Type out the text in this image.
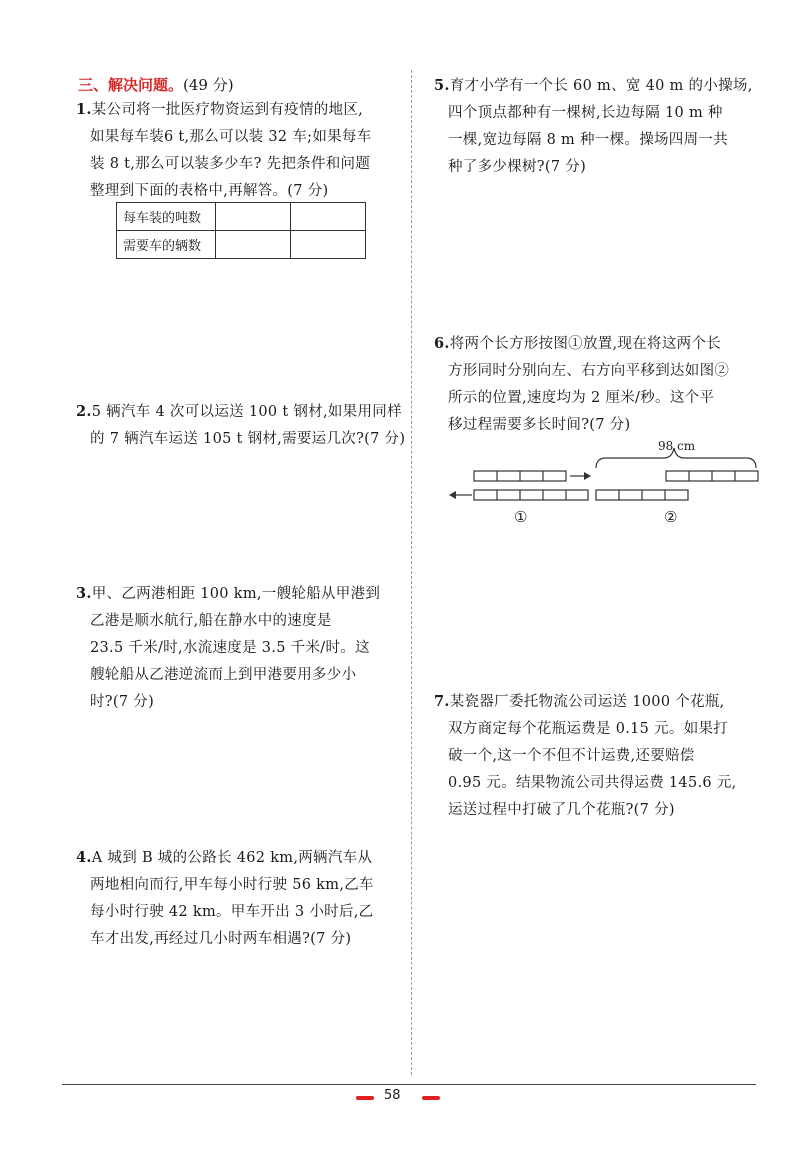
三、解决问题。(49 分)
1.某公司将一批医疗物资运到有疫情的地区,
如果每车装6 t,那么可以装 32 车;如果每车
装 8 t,那么可以装多少车? 先把条件和问题
整理到下面的表格中,再解答。(7 分)
每车装的吨数		
需要车的辆数		
2.5 辆汽车 4 次可以运送 100 t 钢材,如果用同样
的 7 辆汽车运送 105 t 钢材,需要运几次?(7 分)
3.甲、乙两港相距 100 km,一艘轮船从甲港到
乙港是顺水航行,船在静水中的速度是
23.5 千米/时,水流速度是 3.5 千米/时。这
艘轮船从乙港逆流而上到甲港要用多少小
时?(7 分)
4.A 城到 B 城的公路长 462 km,两辆汽车从
两地相向而行,甲车每小时行驶 56 km,乙车
每小时行驶 42 km。甲车开出 3 小时后,乙
车才出发,再经过几小时两车相遇?(7 分)
5.育才小学有一个长 60 m、宽 40 m 的小操场,
四个顶点都种有一棵树,长边每隔 10 m 种
一棵,宽边每隔 8 m 种一棵。操场四周一共
种了多少棵树?(7 分)
6.将两个长方形按图①放置,现在将这两个长
方形同时分别向左、右方向平移到达如图②
所示的位置,速度均为 2 厘米/秒。这个平
移过程需要多长时间?(7 分)
98 cm
①	②
7.某瓷器厂委托物流公司运送 1000 个花瓶,
双方商定每个花瓶运费是 0.15 元。如果打
破一个,这一个不但不计运费,还要赔偿
0.95 元。结果物流公司共得运费 145.6 元,
运送过程中打破了几个花瓶?(7 分)
58
